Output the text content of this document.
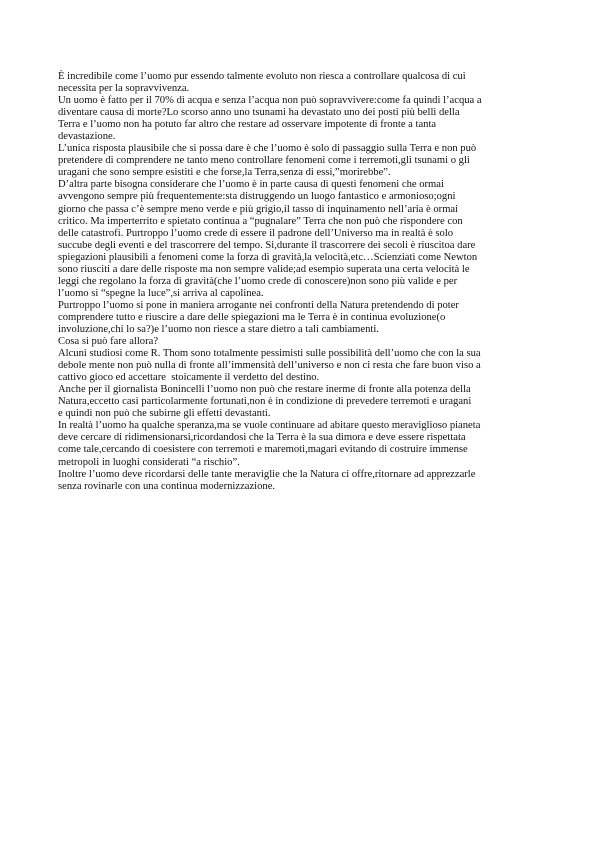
È incredibile come l’uomo pur essendo talmente evoluto non riesca a controllare qualcosa di cui
necessita per la sopravvivenza.

Un uomo è fatto per il 70% di acqua e senza l’acqua non può sopravvivere:come fa quindi l’acqua a
diventare causa di morte?Lo scorso anno uno tsunami ha devastato uno dei posti più belli della
Terra e l’uomo non ha potuto far altro che restare ad osservare impotente di fronte a tanta
devastazione.

L’unica risposta plausibile che si possa dare è che l’uomo è solo di passaggio sulla Terra e non può
pretendere di comprendere ne tanto meno controllare fenomeni come i terremoti,gli tsunami o gli
uragani che sono sempre esistiti e che forse,la Terra,senza di essi,”morirebbe”.

D’altra parte bisogna considerare che l’uomo è in parte causa di questi fenomeni che ormai
avvengono sempre più frequentemente:sta distruggendo un luogo fantastico e armonioso;ogni
giorno che passa c’è sempre meno verde e più grigio,il tasso di inquinamento nell’aria è ormai
critico. Ma imperterrito e spietato continua a “pugnalare” Terra che non può che rispondere con
delle catastrofi. Purtroppo l’uomo crede di essere il padrone dell’Universo ma in realtà è solo
succube degli eventi e del trascorrere del tempo. Si,durante il trascorrere dei secoli è riuscitoa dare
spiegazioni plausibili a fenomeni come la forza di gravità,la velocità,etc…Scienziati come Newton
sono riusciti a dare delle risposte ma non sempre valide;ad esempio superata una certa velocità le
leggi che regolano la forza di gravità(che l’uomo crede di conoscere)non sono più valide e per
l’uomo si “spegne la luce”,si arriva al capolinea.

Purtroppo l’uomo si pone in maniera arrogante nei confronti della Natura pretendendo di poter
comprendere tutto e riuscire a dare delle spiegazioni ma le Terra è in continua evoluzione(o
involuzione,chi lo sa?)e l’uomo non riesce a stare dietro a tali cambiamenti.

Cosa si può fare allora?

Alcuni studiosi come R. Thom sono totalmente pessimisti sulle possibilità dell’uomo che con la sua
debole mente non può nulla di fronte all’immensità dell’universo e non ci resta che fare buon viso a
cattivo gioco ed accettare  stoicamente il verdetto del destino.

Anche per il giornalista Bonincelli l’uomo non può che restare inerme di fronte alla potenza della
Natura,eccetto casi particolarmente fortunati,non è in condizione di prevedere terremoti e uragani
e quindi non può che subirne gli effetti devastanti.

In realtà l’uomo ha qualche speranza,ma se vuole continuare ad abitare questo meraviglioso pianeta
deve cercare di ridimensionarsi,ricordandosi che la Terra è la sua dimora e deve essere rispettata
come tale,cercando di coesistere con terremoti e maremoti,magari evitando di costruire immense
metropoli in luoghi considerati “a rischio”.

Inoltre l’uomo deve ricordarsi delle tante meraviglie che la Natura ci offre,ritornare ad apprezzarle
senza rovinarle con una continua modernizzazione.
